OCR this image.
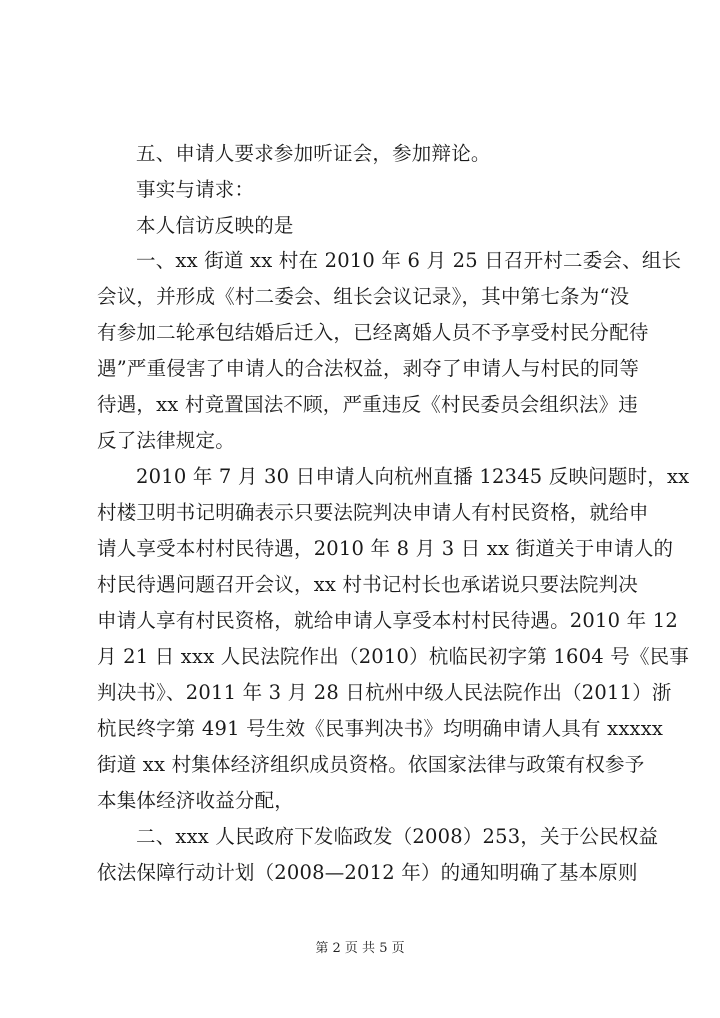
五、申请人要求参加听证会，参加辩论。
事实与请求：
本人信访反映的是
一、xx 街道 xx 村在 2010 年 6 月 25 日召开村二委会、组长
会议，并形成《村二委会、组长会议记录》，其中第七条为“没
有参加二轮承包结婚后迁入，已经离婚人员不予享受村民分配待
遇”严重侵害了申请人的合法权益，剥夺了申请人与村民的同等
待遇，xx 村竟置国法不顾，严重违反《村民委员会组织法》违
反了法律规定。
2010 年 7 月 30 日申请人向杭州直播 12345 反映问题时，xx
村楼卫明书记明确表示只要法院判决申请人有村民资格，就给申
请人享受本村村民待遇，2010 年 8 月 3 日 xx 街道关于申请人的
村民待遇问题召开会议，xx 村书记村长也承诺说只要法院判决
申请人享有村民资格，就给申请人享受本村村民待遇。2010 年 12
月 21 日 xxx 人民法院作出（2010）杭临民初字第 1604 号《民事
判决书》、2011 年 3 月 28 日杭州中级人民法院作出（2011）浙
杭民终字第 491 号生效《民事判决书》均明确申请人具有 xxxxx
街道 xx 村集体经济组织成员资格。依国家法律与政策有权参予
本集体经济收益分配，
二、xxx 人民政府下发临政发（2008）253，关于公民权益
依法保障行动计划（2008—2012 年）的通知明确了基本原则
第 2 页 共 5 页
